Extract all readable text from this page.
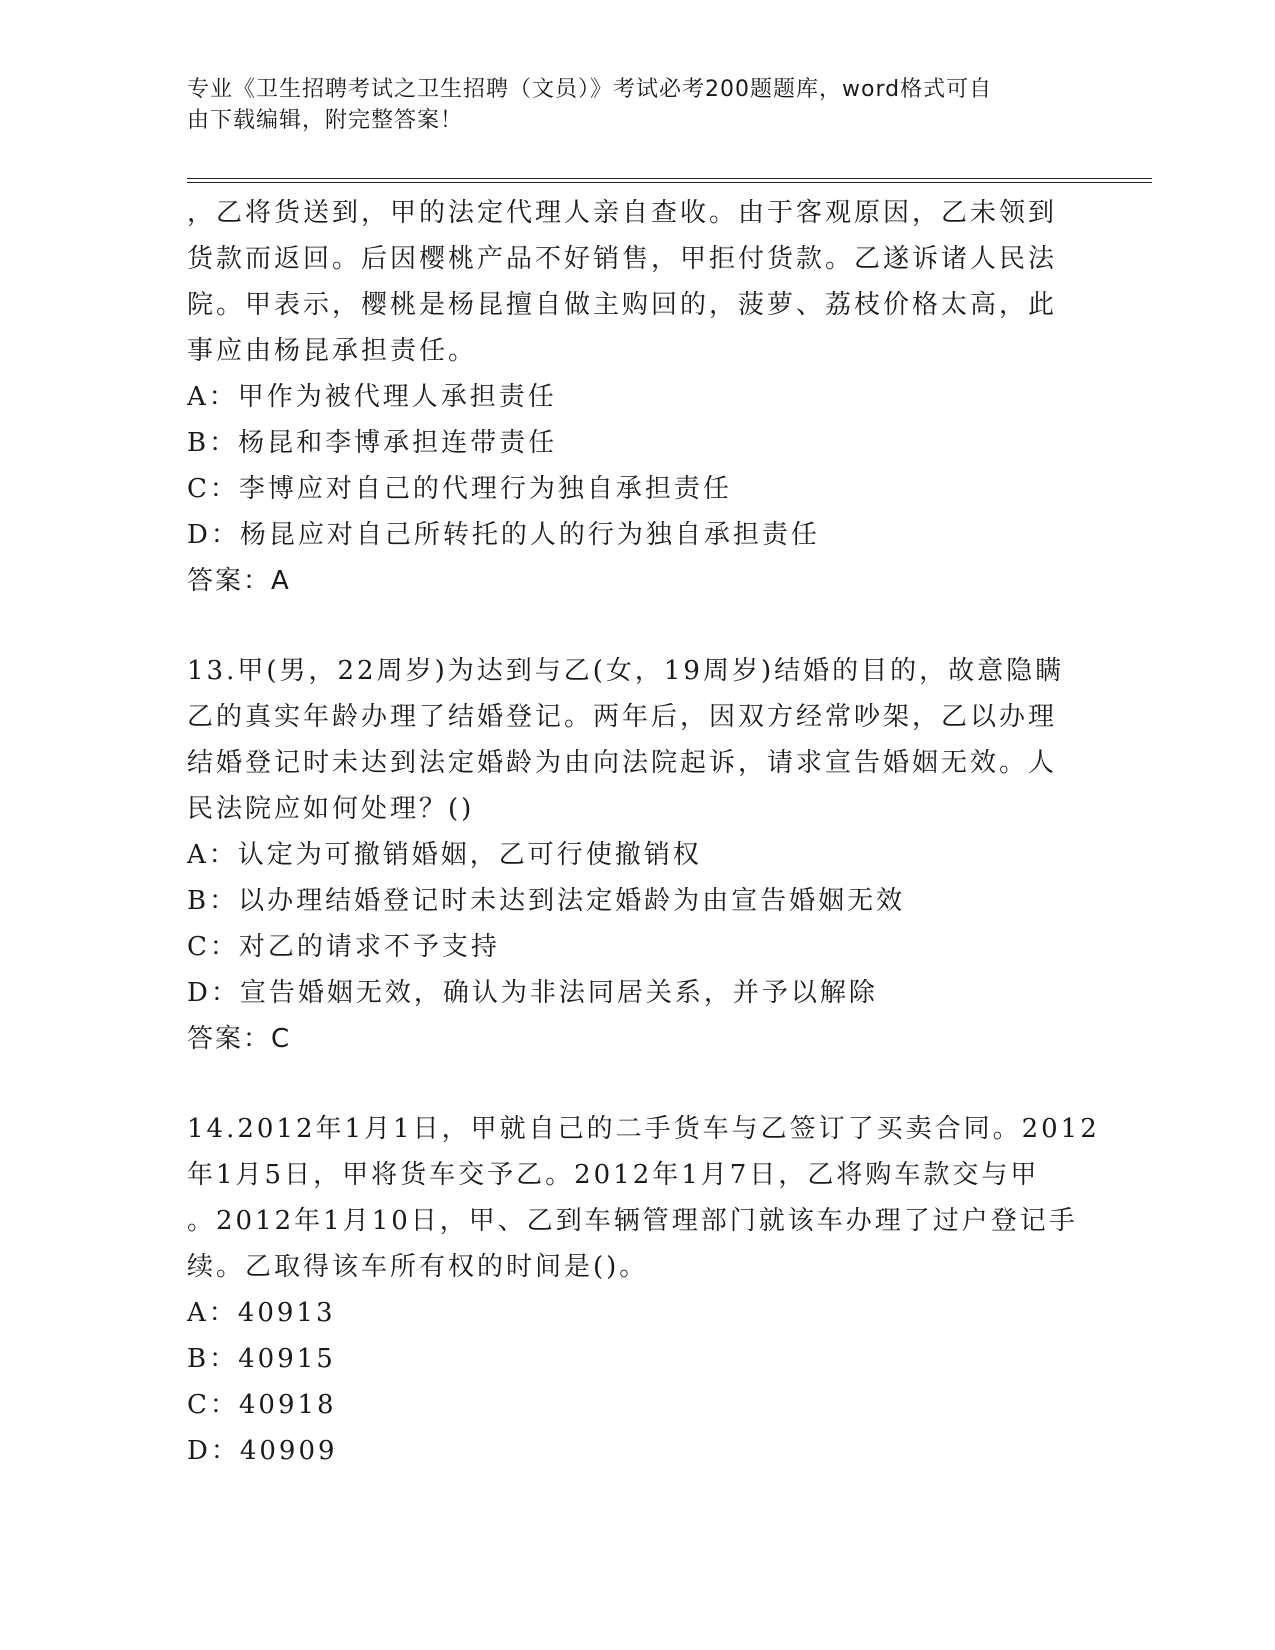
专业《卫生招聘考试之卫生招聘（文员）》考试必考200题题库，word格式可自
由下载编辑，附完整答案！
，乙将货送到，甲的法定代理人亲自查收。由于客观原因，乙未领到
货款而返回。后因樱桃产品不好销售，甲拒付货款。乙遂诉诸人民法
院。甲表示，樱桃是杨昆擅自做主购回的，菠萝、荔枝价格太高，此
事应由杨昆承担责任。
A：甲作为被代理人承担责任
B：杨昆和李博承担连带责任
C：李博应对自己的代理行为独自承担责任
D：杨昆应对自己所转托的人的行为独自承担责任
答案：A
13.甲(男，22周岁)为达到与乙(女，19周岁)结婚的目的，故意隐瞒
乙的真实年龄办理了结婚登记。两年后，因双方经常吵架，乙以办理
结婚登记时未达到法定婚龄为由向法院起诉，请求宣告婚姻无效。人
民法院应如何处理？()
A：认定为可撤销婚姻，乙可行使撤销权
B：以办理结婚登记时未达到法定婚龄为由宣告婚姻无效
C：对乙的请求不予支持
D：宣告婚姻无效，确认为非法同居关系，并予以解除
答案：C
14.2012年1月1日，甲就自己的二手货车与乙签订了买卖合同。2012
年1月5日，甲将货车交予乙。2012年1月7日，乙将购车款交与甲
。2012年1月10日，甲、乙到车辆管理部门就该车办理了过户登记手
续。乙取得该车所有权的时间是()。
A：40913
B：40915
C：40918
D：40909
